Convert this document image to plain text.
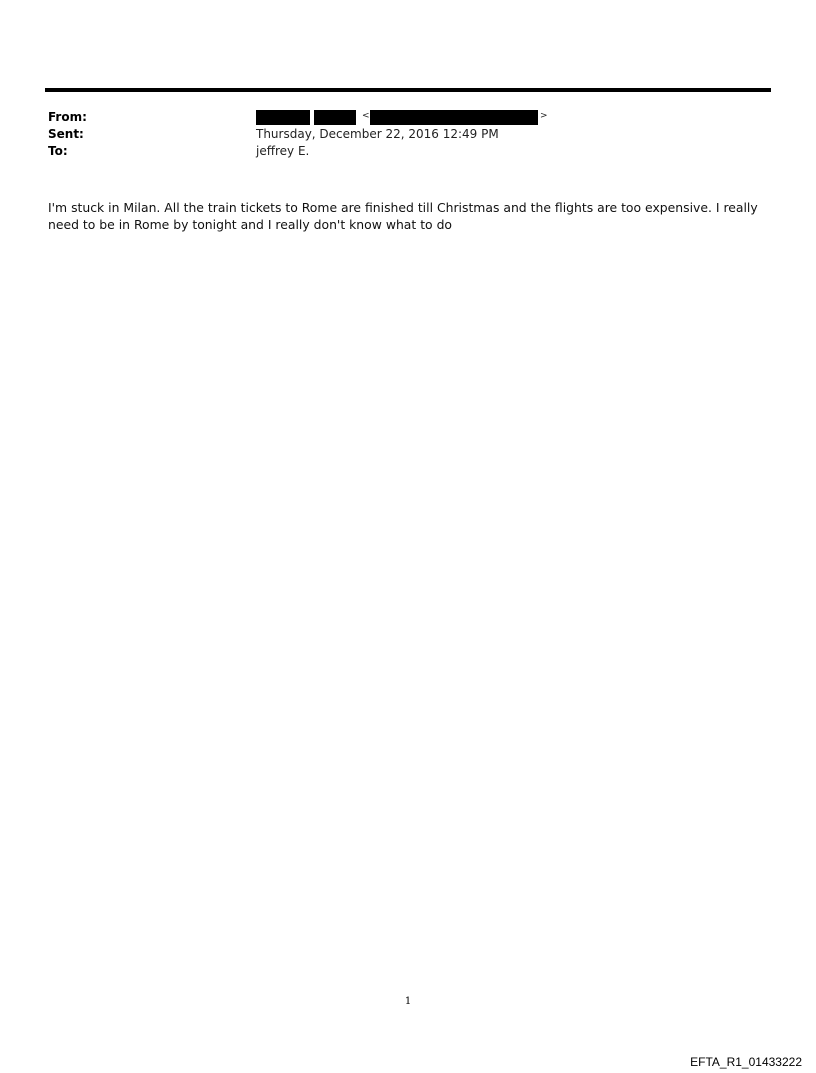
From:	<	>
Sent:	Thursday, December 22, 2016 12:49 PM
To:	jeffrey E.
I'm stuck in Milan. All the train tickets to Rome are finished till Christmas and the flights are too expensive. I really need to be in Rome by tonight and I really don't know what to do
1
EFTA_R1_01433222
